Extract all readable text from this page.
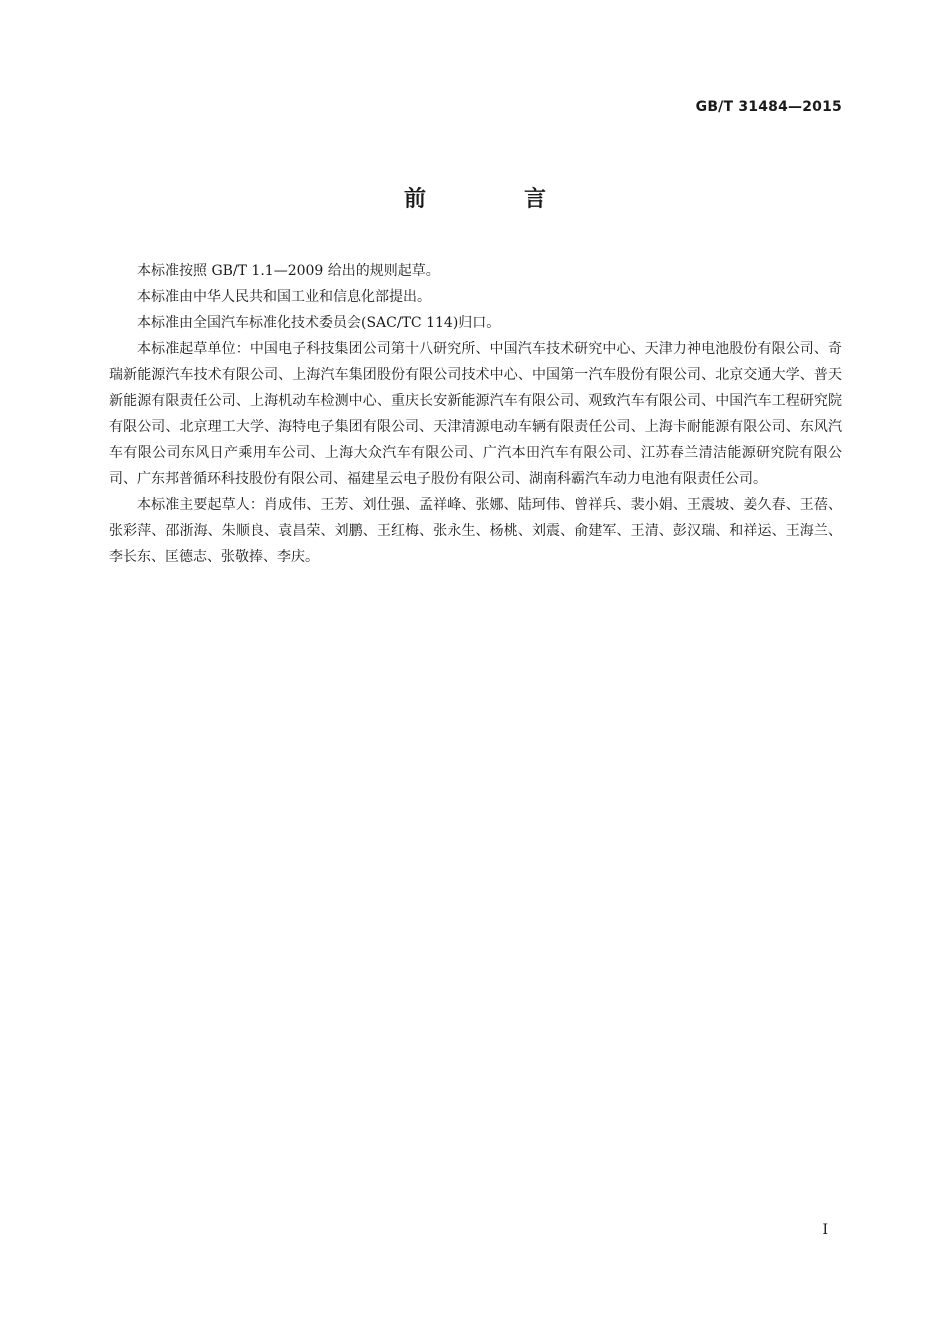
GB/T 31484—2015
前　言

本标准按照 GB/T 1.1—2009 给出的规则起草。

本标准由中华人民共和国工业和信息化部提出。

本标准由全国汽车标准化技术委员会(SAC/TC 114)归口。

本标准起草单位：中国电子科技集团公司第十八研究所、中国汽车技术研究中心、天津力神电池股份有限公司、奇瑞新能源汽车技术有限公司、上海汽车集团股份有限公司技术中心、中国第一汽车股份有限公司、北京交通大学、普天新能源有限责任公司、上海机动车检测中心、重庆长安新能源汽车有限公司、观致汽车有限公司、中国汽车工程研究院有限公司、北京理工大学、海特电子集团有限公司、天津清源电动车辆有限责任公司、上海卡耐能源有限公司、东风汽车有限公司东风日产乘用车公司、上海大众汽车有限公司、广汽本田汽车有限公司、江苏春兰清洁能源研究院有限公司、广东邦普循环科技股份有限公司、福建星云电子股份有限公司、湖南科霸汽车动力电池有限责任公司。

本标准主要起草人：肖成伟、王芳、刘仕强、孟祥峰、张娜、陆珂伟、曾祥兵、裴小娟、王震坡、姜久春、王蓓、张彩萍、邵浙海、朱顺良、袁昌荣、刘鹏、王红梅、张永生、杨桃、刘震、俞建军、王清、彭汉瑞、和祥运、王海兰、李长东、匡德志、张敬捧、李庆。

I
